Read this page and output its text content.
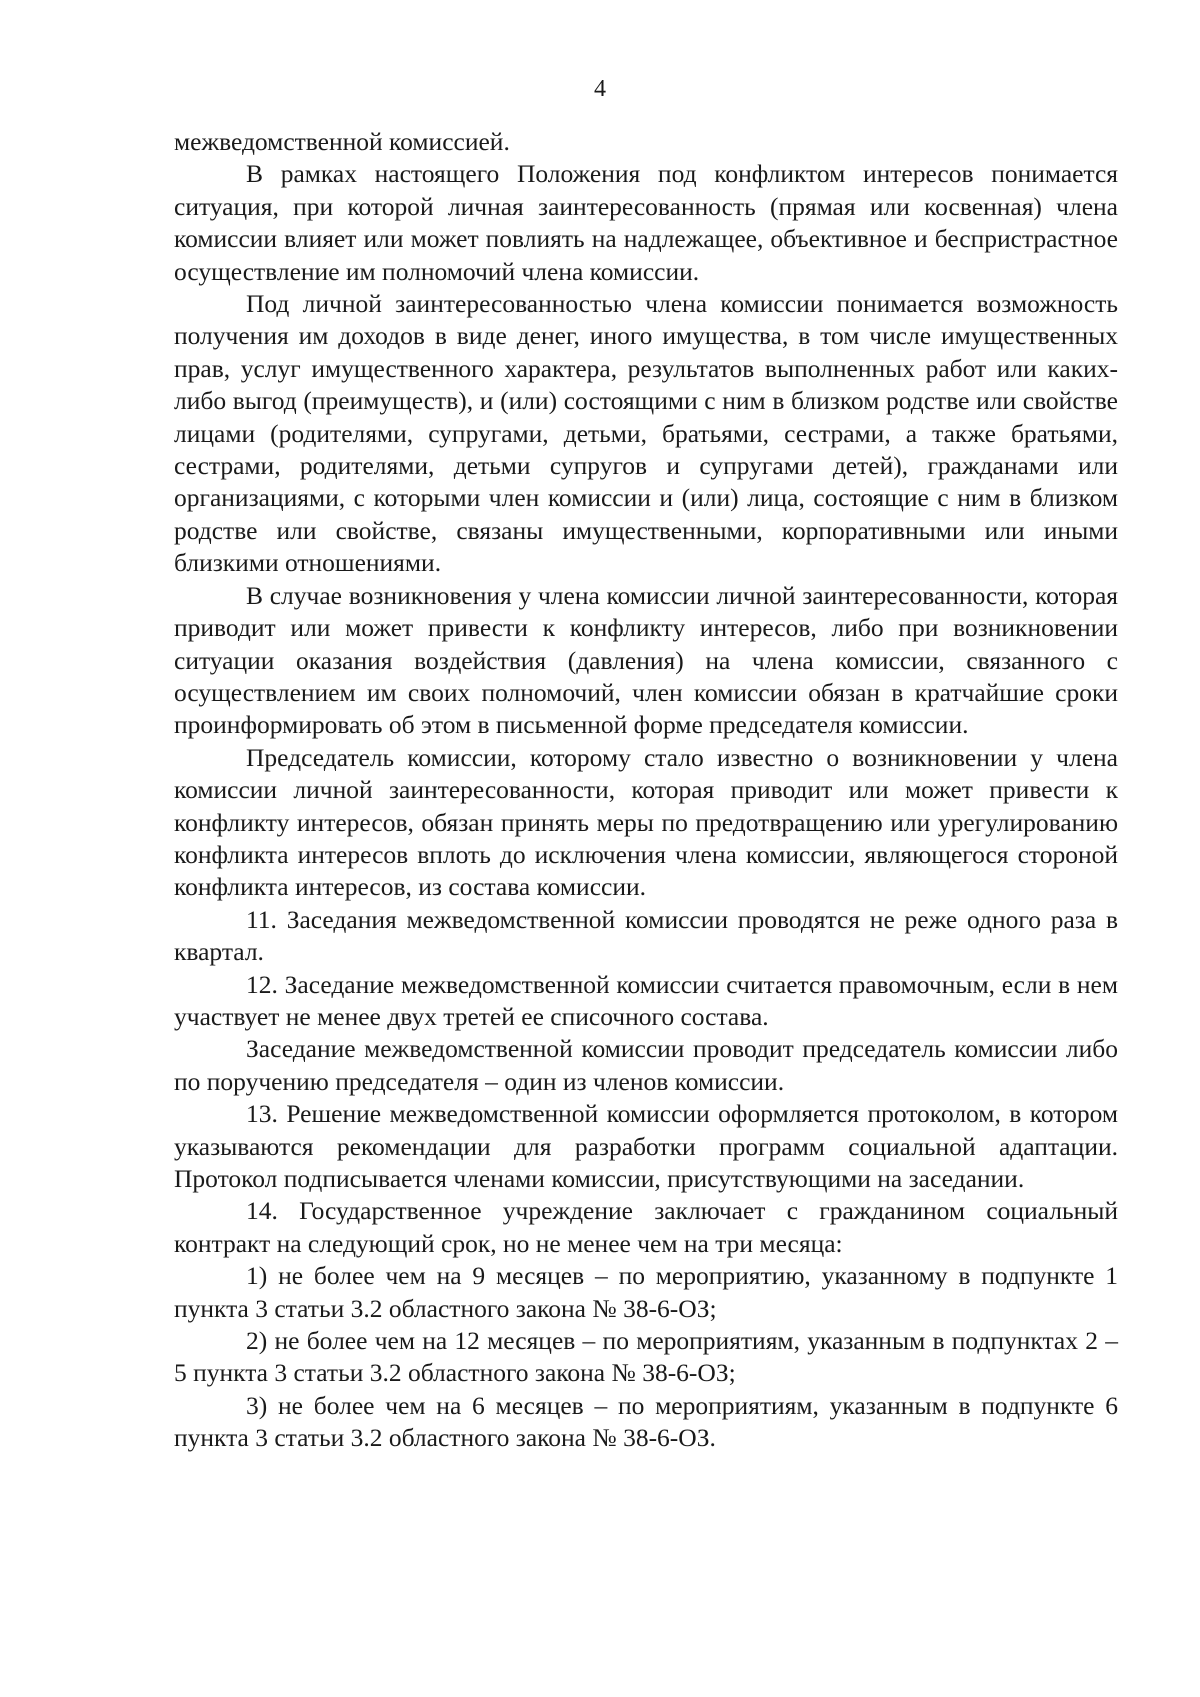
4

межведомственной комиссией.

В рамках настоящего Положения под конфликтом интересов понимается ситуация, при которой личная заинтересованность (прямая или косвенная) члена комиссии влияет или может повлиять на надлежащее, объективное и беспристрастное осуществление им полномочий члена комиссии.

Под личной заинтересованностью члена комиссии понимается возможность получения им доходов в виде денег, иного имущества, в том числе имущественных прав, услуг имущественного характера, результатов выполненных работ или каких-либо выгод (преимуществ), и (или) состоящими с ним в близком родстве или свойстве лицами (родителями, супругами, детьми, братьями, сестрами, а также братьями, сестрами, родителями, детьми супругов и супругами детей), гражданами или организациями, с которыми член комиссии и (или) лица, состоящие с ним в близком родстве или свойстве, связаны имущественными, корпоративными или иными близкими отношениями.

В случае возникновения у члена комиссии личной заинтересованности, которая приводит или может привести к конфликту интересов, либо при возникновении ситуации оказания воздействия (давления) на члена комиссии, связанного с осуществлением им своих полномочий, член комиссии обязан в кратчайшие сроки проинформировать об этом в письменной форме председателя комиссии.

Председатель комиссии, которому стало известно о возникновении у члена комиссии личной заинтересованности, которая приводит или может привести к конфликту интересов, обязан принять меры по предотвращению или урегулированию конфликта интересов вплоть до исключения члена комиссии, являющегося стороной конфликта интересов, из состава комиссии.

11. Заседания межведомственной комиссии проводятся не реже одного раза в квартал.

12. Заседание межведомственной комиссии считается правомочным, если в нем участвует не менее двух третей ее списочного состава.

Заседание межведомственной комиссии проводит председатель комиссии либо по поручению председателя – один из членов комиссии.

13. Решение межведомственной комиссии оформляется протоколом, в котором указываются рекомендации для разработки программ социальной адаптации. Протокол подписывается членами комиссии, присутствующими на заседании.

14. Государственное учреждение заключает с гражданином социальный контракт на следующий срок, но не менее чем на три месяца:

1) не более чем на 9 месяцев – по мероприятию, указанному в подпункте 1 пункта 3 статьи 3.2 областного закона № 38-6-ОЗ;

2) не более чем на 12 месяцев – по мероприятиям, указанным в подпунктах 2 – 5 пункта 3 статьи 3.2 областного закона № 38-6-ОЗ;

3) не более чем на 6 месяцев – по мероприятиям, указанным в подпункте 6 пункта 3 статьи 3.2 областного закона № 38-6-ОЗ.
